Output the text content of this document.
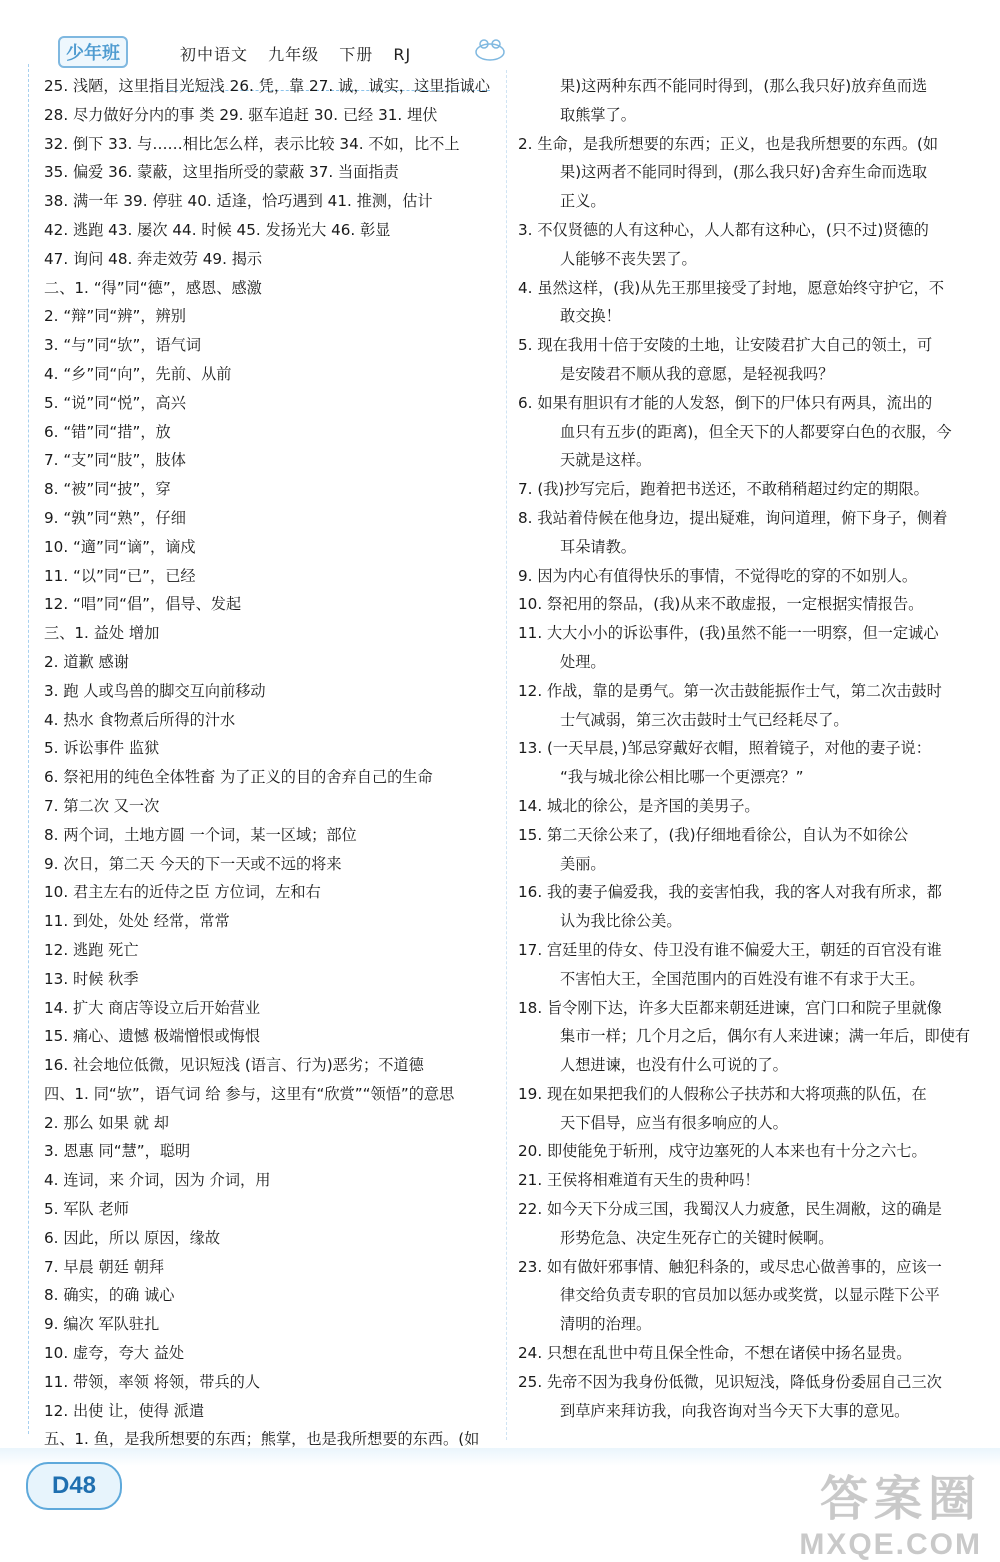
少年班	初中语文 九年级 下册 RJ
25. 浅陋，这里指目光短浅 26. 凭，靠 27. 诚，诚实，这里指诚心
28. 尽力做好分内的事 类 29. 驱车追赶 30. 已经 31. 埋伏
32. 倒下 33. 与……相比怎么样，表示比较 34. 不如，比不上
35. 偏爱 36. 蒙蔽，这里指所受的蒙蔽 37. 当面指责
38. 满一年 39. 停驻 40. 适逢，恰巧遇到 41. 推测，估计
42. 逃跑 43. 屡次 44. 时候 45. 发扬光大 46. 彰显
47. 询问 48. 奔走效劳 49. 揭示
二、1. “得”同“德”，感恩、感激
2. “辩”同“辨”，辨别
3. “与”同“欤”，语气词
4. “乡”同“向”，先前、从前
5. “说”同“悦”，高兴
6. “错”同“措”，放
7. “支”同“肢”，肢体
8. “被”同“披”，穿
9. “孰”同“熟”，仔细
10. “適”同“谪”，谪戍
11. “以”同“已”，已经
12. “唱”同“倡”，倡导、发起
三、1. 益处 增加
2. 道歉 感谢
3. 跑 人或鸟兽的脚交互向前移动
4. 热水 食物煮后所得的汁水
5. 诉讼事件 监狱
6. 祭祀用的纯色全体牲畜 为了正义的目的舍弃自己的生命
7. 第二次 又一次
8. 两个词，土地方圆 一个词，某一区域；部位
9. 次日，第二天 今天的下一天或不远的将来
10. 君主左右的近侍之臣 方位词，左和右
11. 到处，处处 经常，常常
12. 逃跑 死亡
13. 时候 秋季
14. 扩大 商店等设立后开始营业
15. 痛心、遗憾 极端憎恨或悔恨
16. 社会地位低微，见识短浅 (语言、行为)恶劣；不道德
四、1. 同“欤”，语气词 给 参与，这里有“欣赏”“领悟”的意思
2. 那么 如果 就 却
3. 恩惠 同“慧”，聪明
4. 连词，来 介词，因为 介词，用
5. 军队 老师
6. 因此，所以 原因，缘故
7. 早晨 朝廷 朝拜
8. 确实，的确 诚心
9. 编次 军队驻扎
10. 虚夸，夸大 益处
11. 带领，率领 将领，带兵的人
12. 出使 让，使得 派遣
五、1. 鱼，是我所想要的东西；熊掌，也是我所想要的东西。(如
果)这两种东西不能同时得到，(那么我只好)放弃鱼而选
取熊掌了。
2. 生命，是我所想要的东西；正义，也是我所想要的东西。(如
果)这两者不能同时得到，(那么我只好)舍弃生命而选取
正义。
3. 不仅贤德的人有这种心，人人都有这种心，(只不过)贤德的
人能够不丧失罢了。
4. 虽然这样，(我)从先王那里接受了封地，愿意始终守护它，不
敢交换！
5. 现在我用十倍于安陵的土地，让安陵君扩大自己的领土，可
是安陵君不顺从我的意愿，是轻视我吗？
6. 如果有胆识有才能的人发怒，倒下的尸体只有两具，流出的
血只有五步(的距离)，但全天下的人都要穿白色的衣服，今
天就是这样。
7. (我)抄写完后，跑着把书送还，不敢稍稍超过约定的期限。
8. 我站着侍候在他身边，提出疑难，询问道理，俯下身子，侧着
耳朵请教。
9. 因为内心有值得快乐的事情，不觉得吃的穿的不如别人。
10. 祭祀用的祭品，(我)从来不敢虚报，一定根据实情报告。
11. 大大小小的诉讼事件，(我)虽然不能一一明察，但一定诚心
处理。
12. 作战，靠的是勇气。第一次击鼓能振作士气，第二次击鼓时
士气减弱，第三次击鼓时士气已经耗尽了。
13. (一天早晨，)邹忌穿戴好衣帽，照着镜子，对他的妻子说：
“我与城北徐公相比哪一个更漂亮？”
14. 城北的徐公，是齐国的美男子。
15. 第二天徐公来了，(我)仔细地看徐公，自认为不如徐公
美丽。
16. 我的妻子偏爱我，我的妾害怕我，我的客人对我有所求，都
认为我比徐公美。
17. 宫廷里的侍女、侍卫没有谁不偏爱大王，朝廷的百官没有谁
不害怕大王，全国范围内的百姓没有谁不有求于大王。
18. 旨令刚下达，许多大臣都来朝廷进谏，宫门口和院子里就像
集市一样；几个月之后，偶尔有人来进谏；满一年后，即使有
人想进谏，也没有什么可说的了。
19. 现在如果把我们的人假称公子扶苏和大将项燕的队伍，在
天下倡导，应当有很多响应的人。
20. 即使能免于斩刑，戍守边塞死的人本来也有十分之六七。
21. 王侯将相难道有天生的贵种吗！
22. 如今天下分成三国，我蜀汉人力疲惫，民生凋敝，这的确是
形势危急、决定生死存亡的关键时候啊。
23. 如有做奸邪事情、触犯科条的，或尽忠心做善事的，应该一
律交给负责专职的官员加以惩办或奖赏，以显示陛下公平
清明的治理。
24. 只想在乱世中苟且保全性命，不想在诸侯中扬名显贵。
25. 先帝不因为我身份低微，见识短浅，降低身份委屈自己三次
到草庐来拜访我，向我咨询对当今天下大事的意见。
D48	答案圈
MXQE.COM
